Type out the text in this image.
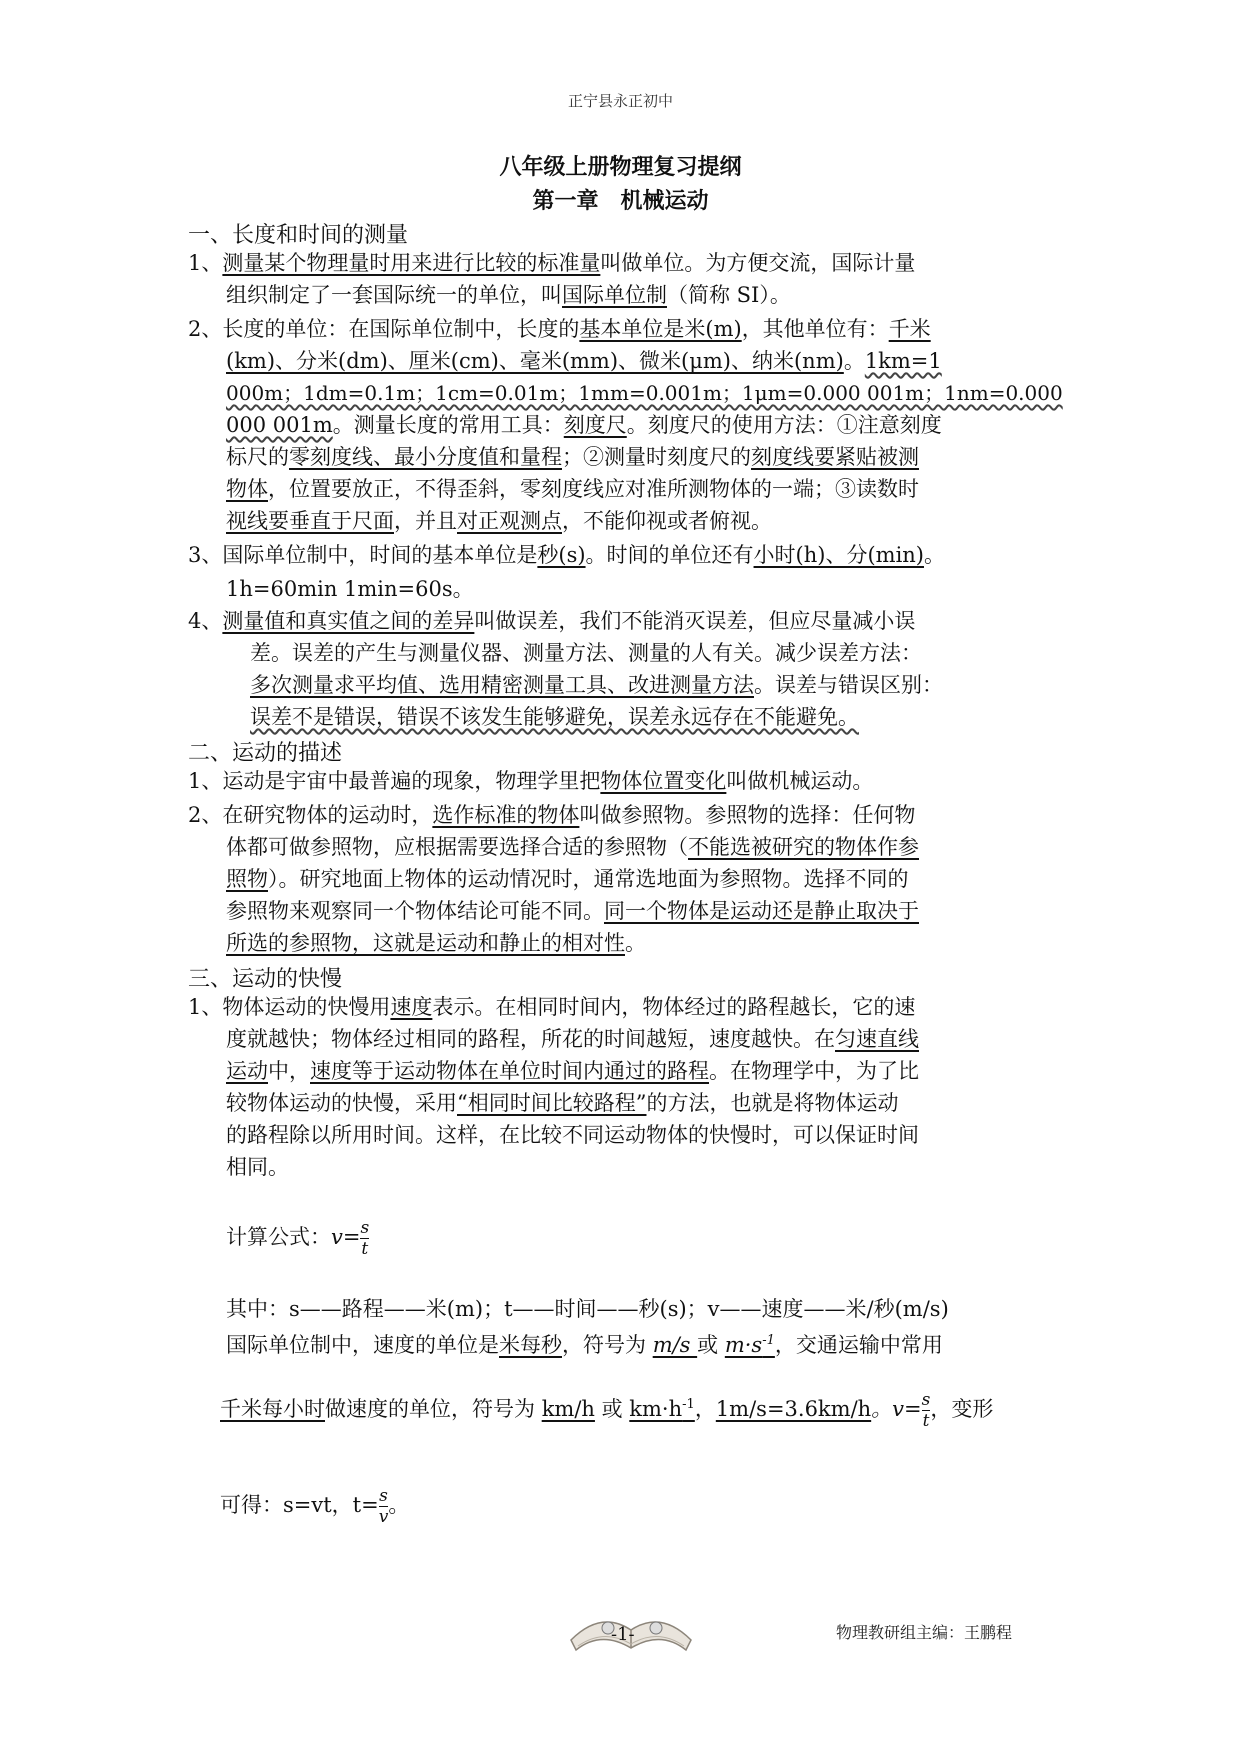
正宁县永正初中
八年级上册物理复习提纲
第一章　机械运动
一、长度和时间的测量
1、测量某个物理量时用来进行比较的标准量叫做单位。为方便交流，国际计量
组织制定了一套国际统一的单位，叫国际单位制（简称 SI）。
2、长度的单位：在国际单位制中，长度的基本单位是米(m)，其他单位有：千米
(km)、分米(dm)、厘米(cm)、毫米(mm)、微米(μm)、纳米(nm)。1km=1
000m；1dm=0.1m；1cm=0.01m；1mm=0.001m；1μm=0.000 001m；1nm=0.000
000 001m。测量长度的常用工具：刻度尺。刻度尺的使用方法：①注意刻度
标尺的零刻度线、最小分度值和量程；②测量时刻度尺的刻度线要紧贴被测
物体，位置要放正，不得歪斜，零刻度线应对准所测物体的一端；③读数时
视线要垂直于尺面，并且对正观测点，不能仰视或者俯视。
3、国际单位制中，时间的基本单位是秒(s)。时间的单位还有小时(h)、分(min)。
1h=60min 1min=60s。
4、测量值和真实值之间的差异叫做误差，我们不能消灭误差，但应尽量减小误
差。误差的产生与测量仪器、测量方法、测量的人有关。减少误差方法：
多次测量求平均值、选用精密测量工具、改进测量方法。误差与错误区别：
误差不是错误，错误不该发生能够避免，误差永远存在不能避免。
二、运动的描述
1、运动是宇宙中最普遍的现象，物理学里把物体位置变化叫做机械运动。
2、在研究物体的运动时，选作标准的物体叫做参照物。参照物的选择：任何物
体都可做参照物，应根据需要选择合适的参照物（不能选被研究的物体作参
照物）。研究地面上物体的运动情况时，通常选地面为参照物。选择不同的
参照物来观察同一个物体结论可能不同。同一个物体是运动还是静止取决于
所选的参照物，这就是运动和静止的相对性。
三、运动的快慢
1、物体运动的快慢用速度表示。在相同时间内，物体经过的路程越长，它的速
度就越快；物体经过相同的路程，所花的时间越短，速度越快。在匀速直线
运动中，速度等于运动物体在单位时间内通过的路程。在物理学中，为了比
较物体运动的快慢，采用“相同时间比较路程”的方法，也就是将物体运动
的路程除以所用时间。这样，在比较不同运动物体的快慢时，可以保证时间
相同。
计算公式：$v=\frac{s}{t}$
其中：s——路程——米(m)；t——时间——秒(s)；v——速度——米/秒(m/s)
国际单位制中，速度的单位是米每秒，符号为 m/s 或 $m\cdot s^{-1}$，交通运输中常用
千米每小时做速度的单位，符号为 km/h 或 $km\cdot h^{-1}$，1m/s=3.6km/h。$v=\frac{s}{t}$ ，变形
可得：s=vt，$t=\frac{s}{v}$ 。
-1-	物理教研组主编：王鹏程
